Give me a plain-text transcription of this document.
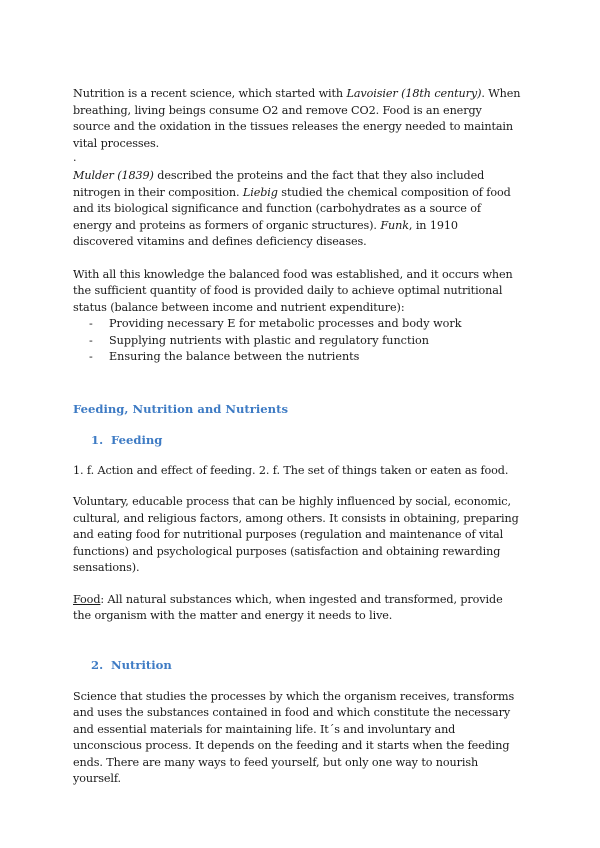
Nutrition is a recent science, which started with Lavoisier (18th century). When breathing, living beings consume O2 and remove CO2. Food is an energy source and the oxidation in the tissues releases the energy needed to maintain vital processes.

.

Mulder (1839) described the proteins and the fact that they also included nitrogen in their composition. Liebig studied the chemical composition of food and its biological significance and function (carbohydrates as a source of energy and proteins as formers of organic structures). Funk, in 1910 discovered vitamins and defines deficiency diseases.

With all this knowledge the balanced food was established, and it occurs when the sufficient quantity of food is provided daily to achieve optimal nutritional status (balance between income and nutrient expenditure):

- Providing necessary E for metabolic processes and body work
- Supplying nutrients with plastic and regulatory function
- Ensuring the balance between the nutrients
Feeding, Nutrition and Nutrients
1. Feeding

1. f. Action and effect of feeding. 2. f. The set of things taken or eaten as food.

Voluntary, educable process that can be highly influenced by social, economic, cultural, and religious factors, among others. It consists in obtaining, preparing and eating food for nutritional purposes (regulation and maintenance of vital functions) and psychological purposes (satisfaction and obtaining rewarding sensations).

Food: All natural substances which, when ingested and transformed, provide the organism with the matter and energy it needs to live.

2. Nutrition

Science that studies the processes by which the organism receives, transforms and uses the substances contained in food and which constitute the necessary and essential materials for maintaining life. It´s and involuntary and unconscious process. It depends on the feeding and it starts when the feeding ends. There are many ways to feed yourself, but only one way to nourish yourself.
